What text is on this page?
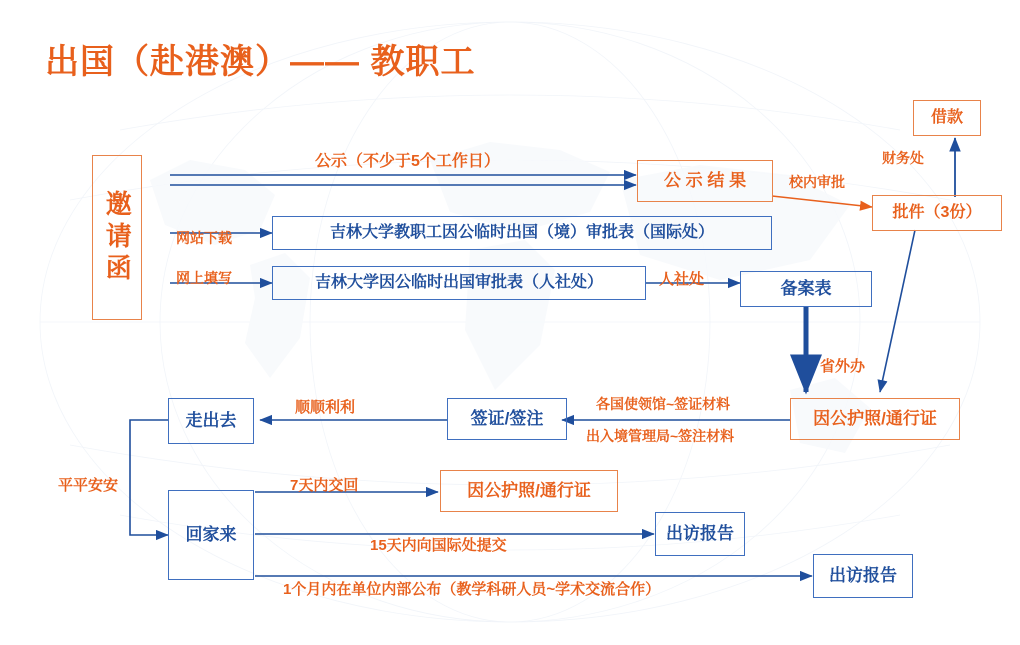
出国（赴港澳）—— 教职工
邀请函
公 示 结 果
借款
批件（3份）
吉林大学教职工因公临时出国（境）审批表（国际处）
吉林大学因公临时出国审批表（人社处）	备案表
因公护照/通行证
签证/签注
走出去
回家来
因公护照/通行证
出访报告
出访报告
公示（不少于5个工作日）	财务处
校内审批
网站下载
网上填写	人社处
省外办
顺顺利利	各国使领馆~签证材料
出入境管理局~签注材料
平平安安	7天内交回
15天内向国际处提交
1个月内在单位内部公布（教学科研人员~学术交流合作）
